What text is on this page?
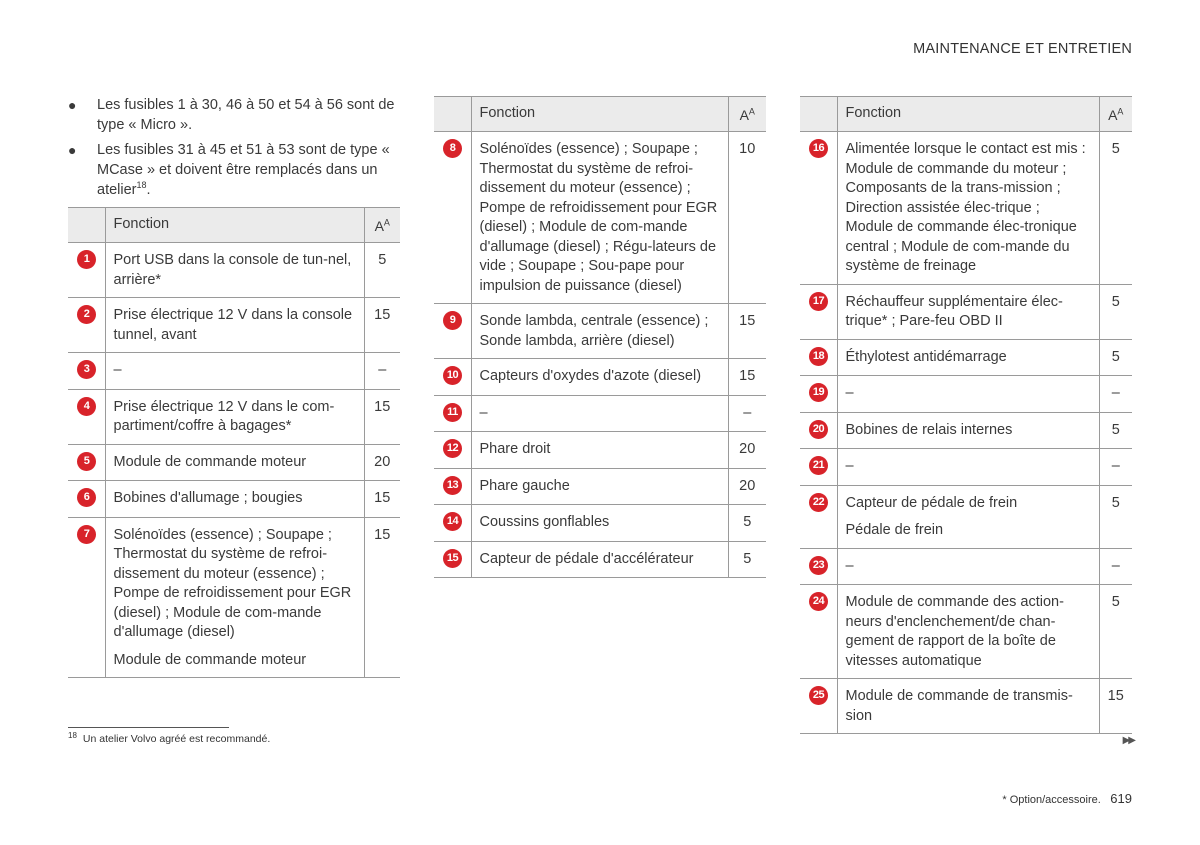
MAINTENANCE ET ENTRETIEN
● Les fusibles 1 à 30, 46 à 50 et 54 à 56 sont de type « Micro ».
● Les fusibles 31 à 45 et 51 à 53 sont de type « MCase » et doivent être remplacés dans un atelier$^{18}$.
	Fonction	$A^A$

1	Port USB dans la console de tun-nel, arrière*	5

2	Prise électrique 12 V dans la console tunnel, avant	15

3	–	–

4	Prise électrique 12 V dans le com-partiment/coffre à bagages*	15

5	Module de commande moteur	20

6	Bobines d'allumage ; bougies	15

7	Solénoïdes (essence) ; Soupape ; Thermostat du système de refroi-dissement du moteur (essence) ; Pompe de refroidissement pour EGR (diesel) ; Module de com-mande d'allumage (diesel)
Module de commande moteur	15
	Fonction	$A^A$

8	Solénoïdes (essence) ; Soupape ; Thermostat du système de refroi-dissement du moteur (essence) ; Pompe de refroidissement pour EGR (diesel) ; Module de com-mande d'allumage (diesel) ; Régu-lateurs de vide ; Soupape ; Sou-pape pour impulsion de puissance (diesel)	10

9	Sonde lambda, centrale (essence) ; Sonde lambda, arrière (diesel)	15

10	Capteurs d'oxydes d'azote (diesel)	15

11	–	–

12	Phare droit	20

13	Phare gauche	20

14	Coussins gonflables	5

15	Capteur de pédale d'accélérateur	5
	Fonction	$A^A$

16	Alimentée lorsque le contact est mis : Module de commande du moteur ; Composants de la trans-mission ; Direction assistée élec-trique ; Module de commande élec-tronique central ; Module de com-mande du système de freinage	5

17	Réchauffeur supplémentaire élec-trique* ; Pare-feu OBD II	5

18	Éthylotest antidémarrage	5

19	–	–

20	Bobines de relais internes	5

21	–	–

22	Capteur de pédale de frein
Pédale de frein	5

23	–	–

24	Module de commande des action-neurs d'enclenchement/de chan-gement de rapport de la boîte de vitesses automatique	5

25	Module de commande de transmis-sion	15
$^{18}$ Un atelier Volvo agréé est recommandé.	▶▶
* Option/accessoire. 619
